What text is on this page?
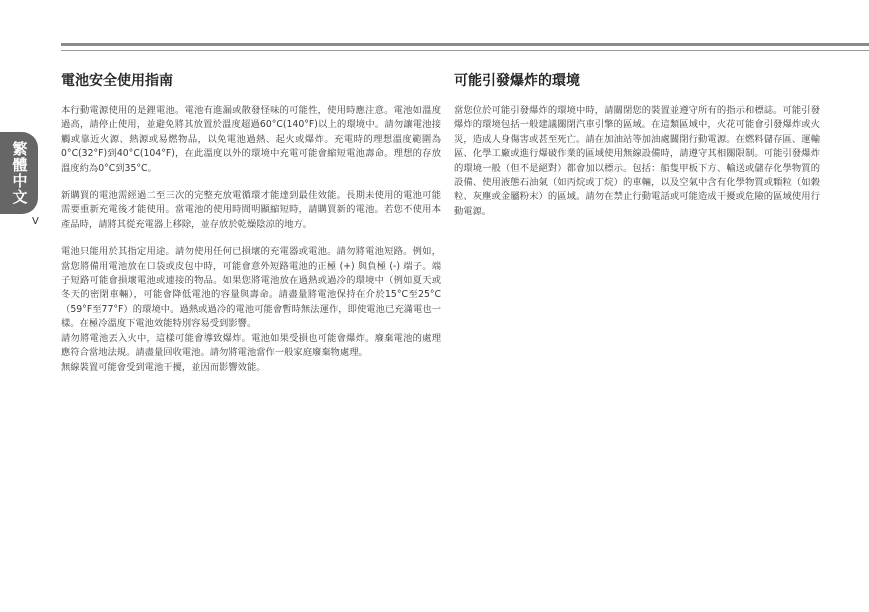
繁體中文
V
電池安全使用指南

本行動電源使用的是鋰電池。電池有進漏或散發怪味的可能性，使用時應注意。電池如溫度過高，請停止使用，並避免將其放置於溫度超過60°C(140°F)以上的環境中。請勿讓電池接觸或靠近火源、熱源或易燃物品，以免電池過熱、起火或爆炸。充電時的理想溫度範圍為0°C(32°F)到40°C(104°F)，在此溫度以外的環境中充電可能會縮短電池壽命。理想的存放溫度約為0°C到35°C。

新購買的電池需經過二至三次的完整充放電循環才能達到最佳效能。長期未使用的電池可能需要重新充電後才能使用。當電池的使用時間明顯縮短時，請購買新的電池。若您不使用本產品時，請將其從充電器上移除，並存放於乾燥陰涼的地方。

電池只能用於其指定用途。請勿使用任何已損壞的充電器或電池。請勿將電池短路。例如，當您將備用電池放在口袋或皮包中時，可能會意外短路電池的正極 (+) 與負極 (-) 端子。端子短路可能會損壞電池或連接的物品。如果您將電池放在過熱或過冷的環境中（例如夏天或冬天的密閉車輛），可能會降低電池的容量與壽命。請盡量將電池保持在介於15°C至25°C（59°F至77°F）的環境中。過熱或過冷的電池可能會暫時無法運作，即使電池已充滿電也一樣。在極冷溫度下電池效能特別容易受到影響。

請勿將電池丟入火中，這樣可能會導致爆炸。電池如果受損也可能會爆炸。廢棄電池的處理應符合當地法規。請盡量回收電池。請勿將電池當作一般家庭廢棄物處理。

無線裝置可能會受到電池干擾，並因而影響效能。

可能引發爆炸的環境

當您位於可能引發爆炸的環境中時，請關閉您的裝置並遵守所有的指示和標誌。可能引發爆炸的環境包括一般建議關閉汽車引擎的區域。在這類區域中，火花可能會引發爆炸或火災，造成人身傷害或甚至死亡。請在加油站等加油處關閉行動電源。在燃料儲存區、運輸區、化學工廠或進行爆破作業的區域使用無線設備時，請遵守其相關限制。可能引發爆炸的環境一般（但不是絕對）都會加以標示。包括：船隻甲板下方、輸送或儲存化學物質的設備、使用液態石油氣（如丙烷或丁烷）的車輛，以及空氣中含有化學物質或顆粒（如穀粒、灰塵或金屬粉末）的區域。請勿在禁止行動電話或可能造成干擾或危險的區域使用行動電源。
